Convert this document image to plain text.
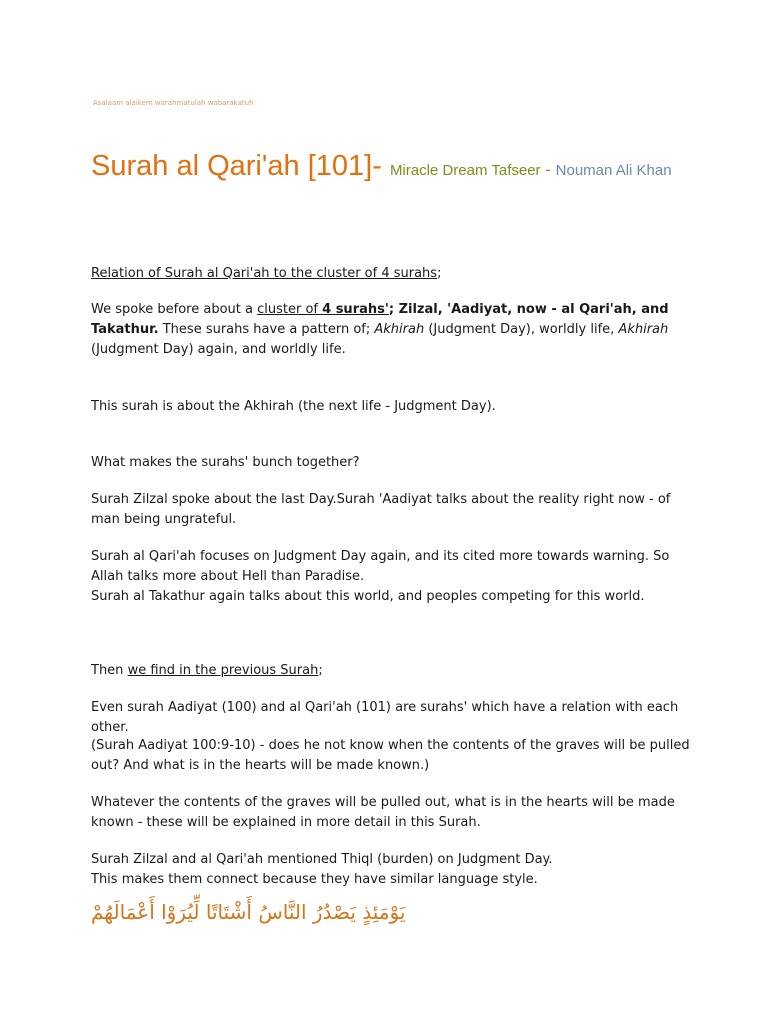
Asalaam alaikem warahmatulah wabarakatuh
Surah al Qari'ah [101]- Miracle Dream Tafseer - Nouman Ali Khan
Relation of Surah al Qari'ah to the cluster of 4 surahs;
We spoke before about a cluster of 4 surahs'; Zilzal, 'Aadiyat, now - al Qari'ah, and Takathur. These surahs have a pattern of; Akhirah (Judgment Day), worldly life, Akhirah (Judgment Day) again, and worldly life.
This surah is about the Akhirah (the next life - Judgment Day).
What makes the surahs' bunch together?
Surah Zilzal spoke about the last Day.Surah 'Aadiyat talks about the reality right now - of man being ungrateful.
Surah al Qari'ah focuses on Judgment Day again, and its cited more towards warning. So Allah talks more about Hell than Paradise.
Surah al Takathur again talks about this world, and peoples competing for this world.
Then we find in the previous Surah;
Even surah Aadiyat (100) and al Qari'ah (101) are surahs' which have a relation with each other.
(Surah Aadiyat 100:9-10) - does he not know when the contents of the graves will be pulled out? And what is in the hearts will be made known.)
Whatever the contents of the graves will be pulled out, what is in the hearts will be made known - these will be explained in more detail in this Surah.
Surah Zilzal and al Qari'ah mentioned Thiql (burden) on Judgment Day.
This makes them connect because they have similar language style.
يَوْمَئِذٍ يَصْدُرُ النَّاسُ أَشْتَاتًا لِّيُرَوْا أَعْمَالَهُمْ
